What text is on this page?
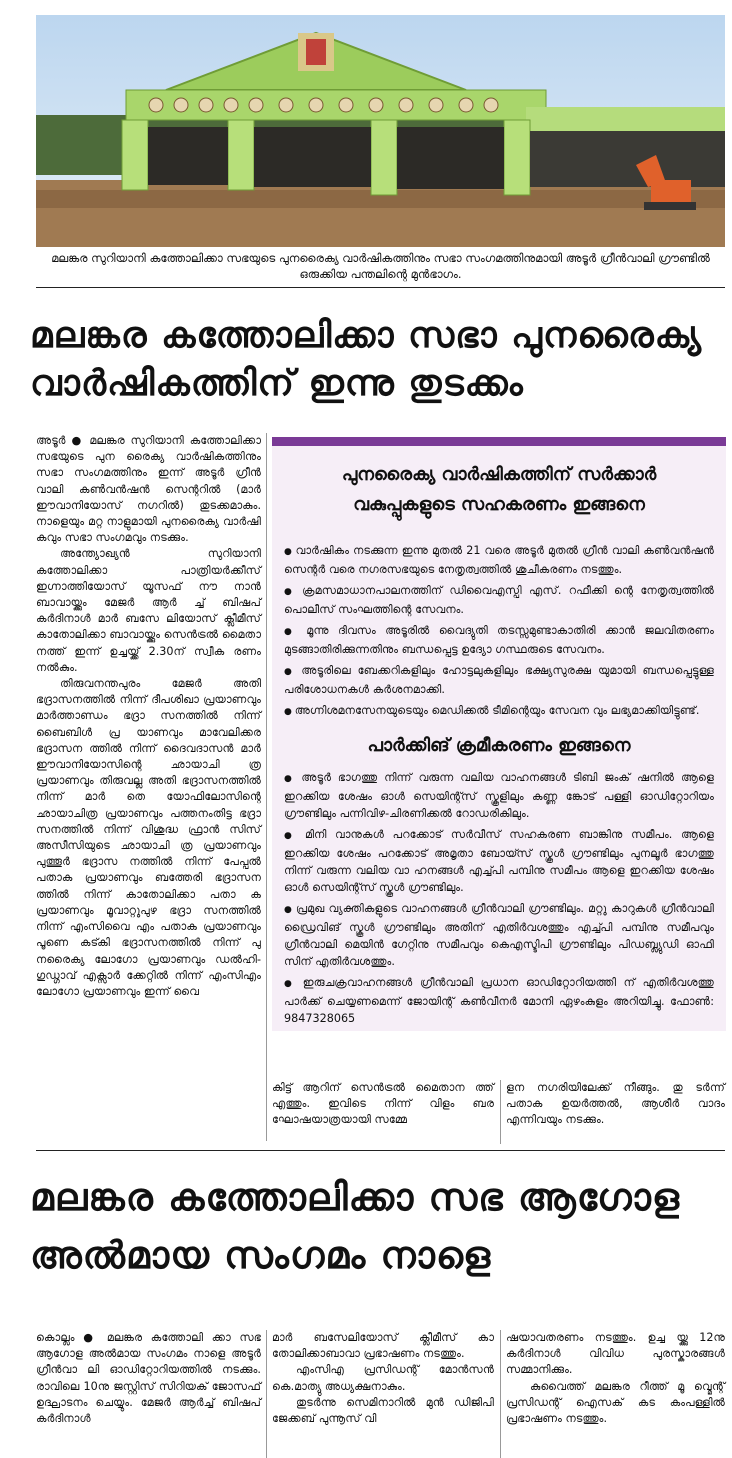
മലങ്കര സുറിയാനി കത്തോലിക്കാ സഭയുടെ പുനരൈക്യ വാർഷികത്തിനും സഭാ സംഗമത്തിനുമായി അടൂർ ഗ്രീൻവാലി ഗ്രൗണ്ടിൽ ഒരുക്കിയ പന്തലിന്റെ മുൻഭാഗം.
മലങ്കര കത്തോലിക്കാ സഭാ പുനരൈക്യ
വാർഷികത്തിന് ഇന്നു തുടക്കം

അടൂർ ● മലങ്കര സുറിയാനി കത്തോലിക്കാ സഭയുടെ പുന രൈക്യ വാർഷികത്തിനും സഭാ സംഗമത്തിനും ഇന്ന് അടൂർ ഗ്രീൻ വാലി കൺവൻഷൻ സെന്ററിൽ (മാർ ഈവാനിയോസ് നഗറിൽ) തുടക്കമാകും. നാളെയും മറ്റ നാളുമായി പുനരൈക്യ വാർഷി കവും സഭാ സംഗമവും നടക്കും.

അന്ത്യോഖ്യൻ സുറിയാനി കത്തോലിക്കാ പാത്രിയർക്കീസ് ഇഗ്നാത്തിയോസ് യൂസഫ് നൗ നാൻ ബാവായ്ക്കും മേജർ ആർ ച്ച് ബിഷപ് കർദിനാൾ മാർ ബസേ ലിയോസ് ക്ലീമീസ് കാതോലിക്കാ ബാവായ്ക്കും സെൻട്രൽ മൈതാ നത്ത് ഇന്ന് ഉച്ചയ്ക്ക് 2.30ന് സ്വീക രണം നൽകും.

തിരുവനന്തപുരം മേജർ അതി ഭദ്രാസനത്തിൽ നിന്ന് ദീപശിഖാ പ്രയാണവും മാർത്താണ്ഡം ഭദ്രാ സനത്തിൽ നിന്ന് ബൈബിൾ പ്ര യാണവും മാവേലിക്കര ഭദ്രാസന ത്തിൽ നിന്ന് ദൈവദാസൻ മാർ ഈവാനിയോസിന്റെ ഛായാചി ത്ര പ്രയാണവും തിരുവല്ല അതി ഭദ്രാസനത്തിൽ നിന്ന് മാർ തെ യോഫിലോസിന്റെ ഛായാചിത്ര പ്രയാണവും പത്തനംതിട്ട ഭദ്രാ സനത്തിൽ നിന്ന് വിശുദ്ധ ഫ്രാൻ സിസ് അസീസിയുടെ ഛായാചി ത്ര പ്രയാണവും പുത്തൂർ ഭദ്രാസ നത്തിൽ നിന്ന് പേപ്പൽ പതാക പ്രയാണവും ബത്തേരി ഭദ്രാസന ത്തിൽ നിന്ന് കാതോലിക്കാ പതാ ക പ്രയാണവും മൂവാറ്റുപുഴ ഭദ്രാ സനത്തിൽ നിന്ന് എംസിവൈ എം പതാക പ്രയാണവും പൂണെ കട്കി ഭദ്രാസനത്തിൽ നിന്ന് പു നരൈക്യ ലോഗോ പ്രയാണവും ഡൽഹി-ഗുഡ്ഗാവ് എക്സാർ ക്കേറ്റിൽ നിന്ന് എംസിഎം ലോഗോ പ്രയാണവും ഇന്ന് വൈ

പുനരൈക്യ വാർഷികത്തിന് സർക്കാർ
വകുപ്പുകളുടെ സഹകരണം ഇങ്ങനെ
● വാർഷികം നടക്കുന്ന ഇന്നു മുതൽ 21 വരെ അടൂർ മുതൽ ഗ്രീൻ വാലി കൺവൻഷൻ സെന്റർ വരെ നഗരസഭയുടെ നേതൃത്വത്തിൽ ശുചീകരണം നടത്തും.
● ക്രമസമാധാനപാലനത്തിന് ഡിവൈഎസ്പി എസ്. റഫീക്കി ന്റെ നേതൃത്വത്തിൽ പൊലീസ് സംഘത്തിന്റെ സേവനം.
● മൂന്നു ദിവസം അടൂരിൽ വൈദ്യുതി തടസ്സമുണ്ടാകാതിരി ക്കാൻ ജലവിതരണം മുടങ്ങാതിരിക്കുന്നതിനും ബന്ധപ്പെട്ട ഉദ്യോ ഗസ്ഥരുടെ സേവനം.
● അടൂരിലെ ബേക്കറികളിലും ഹോട്ടലുകളിലും ഭക്ഷ്യസുരക്ഷ യുമായി ബന്ധപ്പെട്ടുള്ള പരിശോധനകൾ കർശനമാക്കി.
● അഗ്നിശമനസേനയുടെയും മെഡിക്കൽ ടീമിന്റെയും സേവന വും ലഭ്യമാക്കിയിട്ടുണ്ട്.
പാർക്കിങ് ക്രമീകരണം ഇങ്ങനെ
● അടൂർ ഭാഗത്തു നിന്ന് വരുന്ന വലിയ വാഹനങ്ങൾ ടിബി ജംക് ഷനിൽ ആളെ ഇറക്കിയ ശേഷം ഓൾ സെയിന്റ്സ് സ്കൂളിലും കണ്ണ ങ്കോട് പള്ളി ഓഡിറ്റോറിയം ഗ്രൗണ്ടിലും പന്നിവിഴ-ചിരണിക്കൽ റോഡരികിലും.
● മിനി വാനുകൾ പറക്കോട് സർവീസ് സഹകരണ ബാങ്കിനു സമീപം. ആളെ ഇറക്കിയ ശേഷം പറക്കോട് അമൃതാ ബോയ്സ് സ്കൂൾ ഗ്രൗണ്ടിലും പുനലൂർ ഭാഗത്തു നിന്ന് വരുന്ന വലിയ വാ ഹനങ്ങൾ എച്ച്പി പമ്പിനു സമീപം ആളെ ഇറക്കിയ ശേഷം ഓൾ സെയിന്റ്സ് സ്കൂൾ ഗ്രൗണ്ടിലും.
● പ്രമുഖ വ്യക്തികളുടെ വാഹനങ്ങൾ ഗ്രീൻവാലി ഗ്രൗണ്ടിലും. മറ്റു കാറുകൾ ഗ്രീൻവാലി ഡ്രൈവിങ് സ്കൂൾ ഗ്രൗണ്ടിലും അതിന് എതിർവശത്തും എച്ച്പി പമ്പിനു സമീപവും ഗ്രീൻവാലി മെയിൻ ഗേറ്റിനു സമീപവും കെഎസ്ടിപി ഗ്രൗണ്ടിലും പിഡബ്ല്യുഡി ഓഫി സിന് എതിർവശത്തും.
● ഇരുചക്രവാഹനങ്ങൾ ഗ്രീൻവാലി പ്രധാന ഓഡിറ്റോറിയത്തി ന് എതിർവശത്തു പാർക്ക് ചെയ്യണമെന്ന് ജോയിന്റ് കൺവീനർ മോനി ഏഴംകുളം അറിയിച്ചു. ഫോൺ: 9847328065

കിട്ട് ആറിന് സെൻട്രൽ മൈതാന ത്ത് എത്തും. ഇവിടെ നിന്ന് വിളം ബര ഘോഷയാത്രയായി സമ്മേ

ളന നഗരിയിലേക്ക് നീങ്ങും. തു ടർന്ന് പതാക ഉയർത്തൽ, ആശീർ വാദം എന്നിവയും നടക്കും.

മലങ്കര കത്തോലിക്കാ സഭ ആഗോള
അൽമായ സംഗമം നാളെ

കൊല്ലം ● മലങ്കര കത്തോലി ക്കാ സഭ ആഗോള അൽമായ സംഗമം നാളെ അടൂർ ഗ്രീൻവാ ലി ഓഡിറ്റോറിയത്തിൽ നടക്കും. രാവിലെ 10നു ജസ്റ്റിസ് സിറിയക് ജോസഫ് ഉദ്ഘാടനം ചെയ്യും. മേജർ ആർച്ച് ബിഷപ് കർദിനാൾ

മാർ ബസേലിയോസ് ക്ലീമീസ് കാ തോലിക്കാബാവാ പ്രഭാഷണം നടത്തും.

എംസിഎ പ്രസിഡന്റ് മോൻസൻ കെ.മാത്യു അധ്യക്ഷനാകും.

തുടർന്നു സെമിനാറിൽ മുൻ ഡിജിപി ജേക്കബ് പുന്നൂസ് വി

ഷയാവതരണം നടത്തും. ഉച്ച യ്ക്കു 12നു കർദിനാൾ വിവിധ പുരസ്കാരങ്ങൾ സമ്മാനിക്കും.

കുവൈത്ത് മലങ്കര റീത്ത് മൂ വ്മെന്റ് പ്രസിഡന്റ് ഐസക് കട കംപള്ളിൽ പ്രഭാഷണം നടത്തും.
